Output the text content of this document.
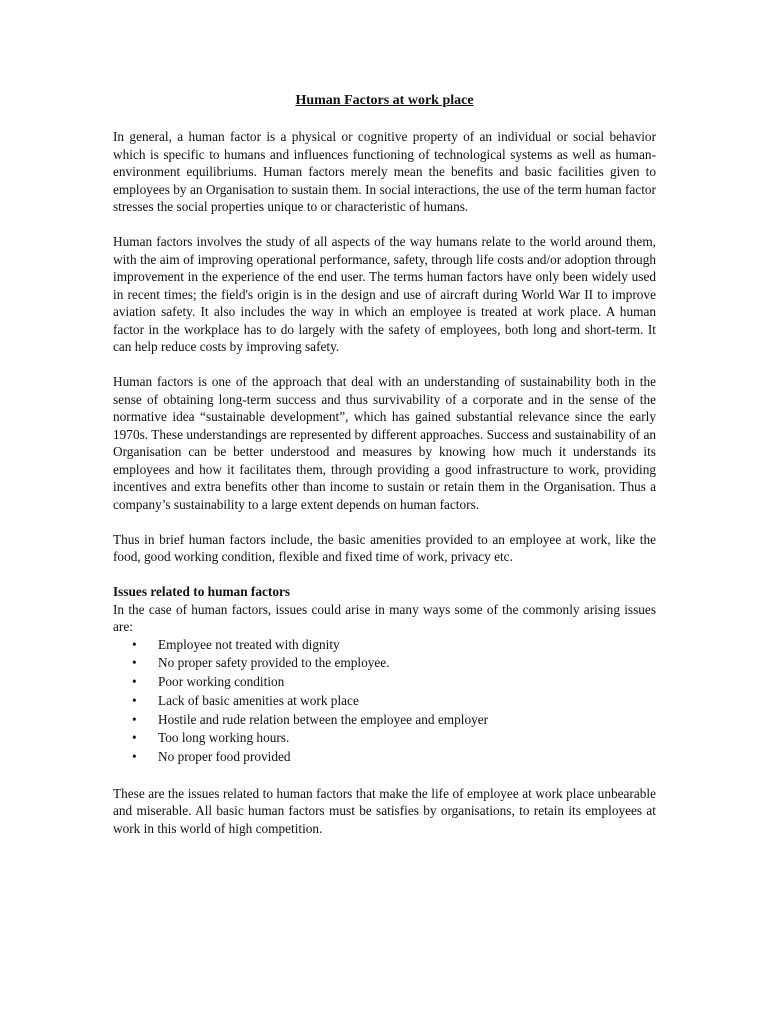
Human Factors at work place

In general, a human factor is a physical or cognitive property of an individual or social behavior which is specific to humans and influences functioning of technological systems as well as human-environment equilibriums. Human factors merely mean the benefits and basic facilities given to employees by an Organisation to sustain them. In social interactions, the use of the term human factor stresses the social properties unique to or characteristic of humans.

Human factors involves the study of all aspects of the way humans relate to the world around them, with the aim of improving operational performance, safety, through life costs and/or adoption through improvement in the experience of the end user. The terms human factors have only been widely used in recent times; the field's origin is in the design and use of aircraft during World War II to improve aviation safety. It also includes the way in which an employee is treated at work place. A human factor in the workplace has to do largely with the safety of employees, both long and short-term. It can help reduce costs by improving safety.

Human factors is one of the approach that deal with an understanding of sustainability both in the sense of obtaining long-term success and thus survivability of a corporate and in the sense of the normative idea “sustainable development”, which has gained substantial relevance since the early 1970s. These understandings are represented by different approaches. Success and sustainability of an Organisation can be better understood and measures by knowing how much it understands its employees and how it facilitates them, through providing a good infrastructure to work, providing incentives and extra benefits other than income to sustain or retain them in the Organisation. Thus a company’s sustainability to a large extent depends on human factors.

Thus in brief human factors include, the basic amenities provided to an employee at work, like the food, good working condition, flexible and fixed time of work, privacy etc.

Issues related to human factors

In the case of human factors, issues could arise in many ways some of the commonly arising issues are:

• Employee not treated with dignity
• No proper safety provided to the employee.
• Poor working condition
• Lack of basic amenities at work place
• Hostile and rude relation between the employee and employer
• Too long working hours.
• No proper food provided

These are the issues related to human factors that make the life of employee at work place unbearable and miserable. All basic human factors must be satisfies by organisations, to retain its employees at work in this world of high competition.
